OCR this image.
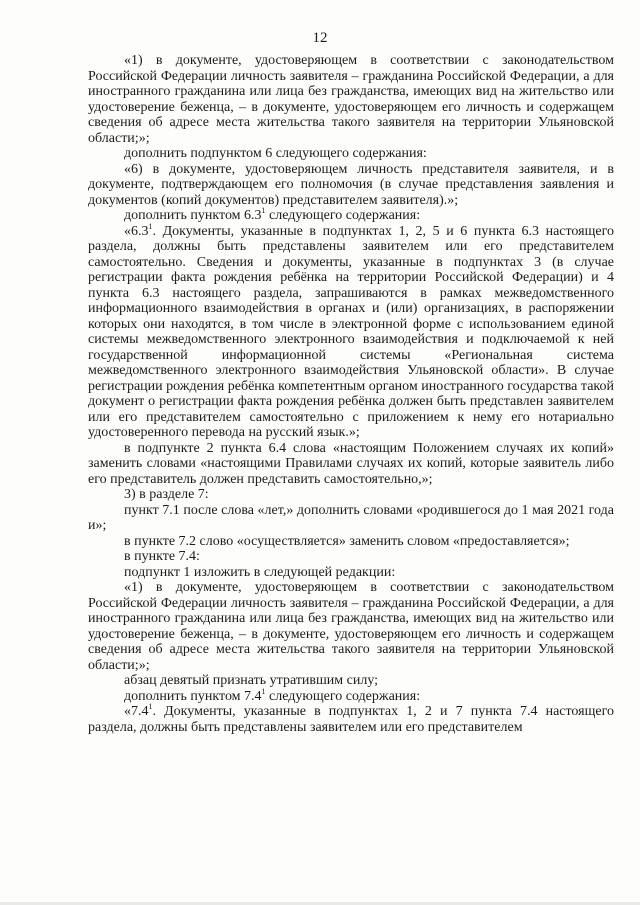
12

«1) в документе, удостоверяющем в соответствии с законодательством Российской Федерации личность заявителя – гражданина Российской Федерации, а для иностранного гражданина или лица без гражданства, имеющих вид на жительство или удостоверение беженца, – в документе, удостоверяющем его личность и содержащем сведения об адресе места жительства такого заявителя на территории Ульяновской области;»;

дополнить подпунктом 6 следующего содержания:

«6) в документе, удостоверяющем личность представителя заявителя, и в документе, подтверждающем его полномочия (в случае представления заявления и документов (копий документов) представителем заявителя).»;

дополнить пунктом $6.3^1$ следующего содержания:

«$6.3^1$. Документы, указанные в подпунктах 1, 2, 5 и 6 пункта 6.3 настоящего раздела, должны быть представлены заявителем или его представителем самостоятельно. Сведения и документы, указанные в подпунктах 3 (в случае регистрации факта рождения ребёнка на территории Российской Федерации) и 4 пункта 6.3 настоящего раздела, запрашиваются в рамках межведомственного информационного взаимодействия в органах и (или) организациях, в распоряжении которых они находятся, в том числе в электронной форме с использованием единой системы межведомственного электронного взаимодействия и подключаемой к ней государственной информационной системы «Региональная система межведомственного электронного взаимодействия Ульяновской области». В случае регистрации рождения ребёнка компетентным органом иностранного государства такой документ о регистрации факта рождения ребёнка должен быть представлен заявителем или его представителем самостоятельно с приложением к нему его нотариально удостоверенного перевода на русский язык.»;

в подпункте 2 пункта 6.4 слова «настоящим Положением случаях их копий» заменить словами «настоящими Правилами случаях их копий, которые заявитель либо его представитель должен представить самостоятельно,»;

3) в разделе 7:

пункт 7.1 после слова «лет,» дополнить словами «родившегося до 1 мая 2021 года и»;

в пункте 7.2 слово «осуществляется» заменить словом «предоставляется»;

в пункте 7.4:

подпункт 1 изложить в следующей редакции:

«1) в документе, удостоверяющем в соответствии с законодательством Российской Федерации личность заявителя – гражданина Российской Федерации, а для иностранного гражданина или лица без гражданства, имеющих вид на жительство или удостоверение беженца, – в документе, удостоверяющем его личность и содержащем сведения об адресе места жительства такого заявителя на территории Ульяновской области;»;

абзац девятый признать утратившим силу;

дополнить пунктом $7.4^1$ следующего содержания:

«$7.4^1$. Документы, указанные в подпунктах 1, 2 и 7 пункта 7.4 настоящего раздела, должны быть представлены заявителем или его представителем
